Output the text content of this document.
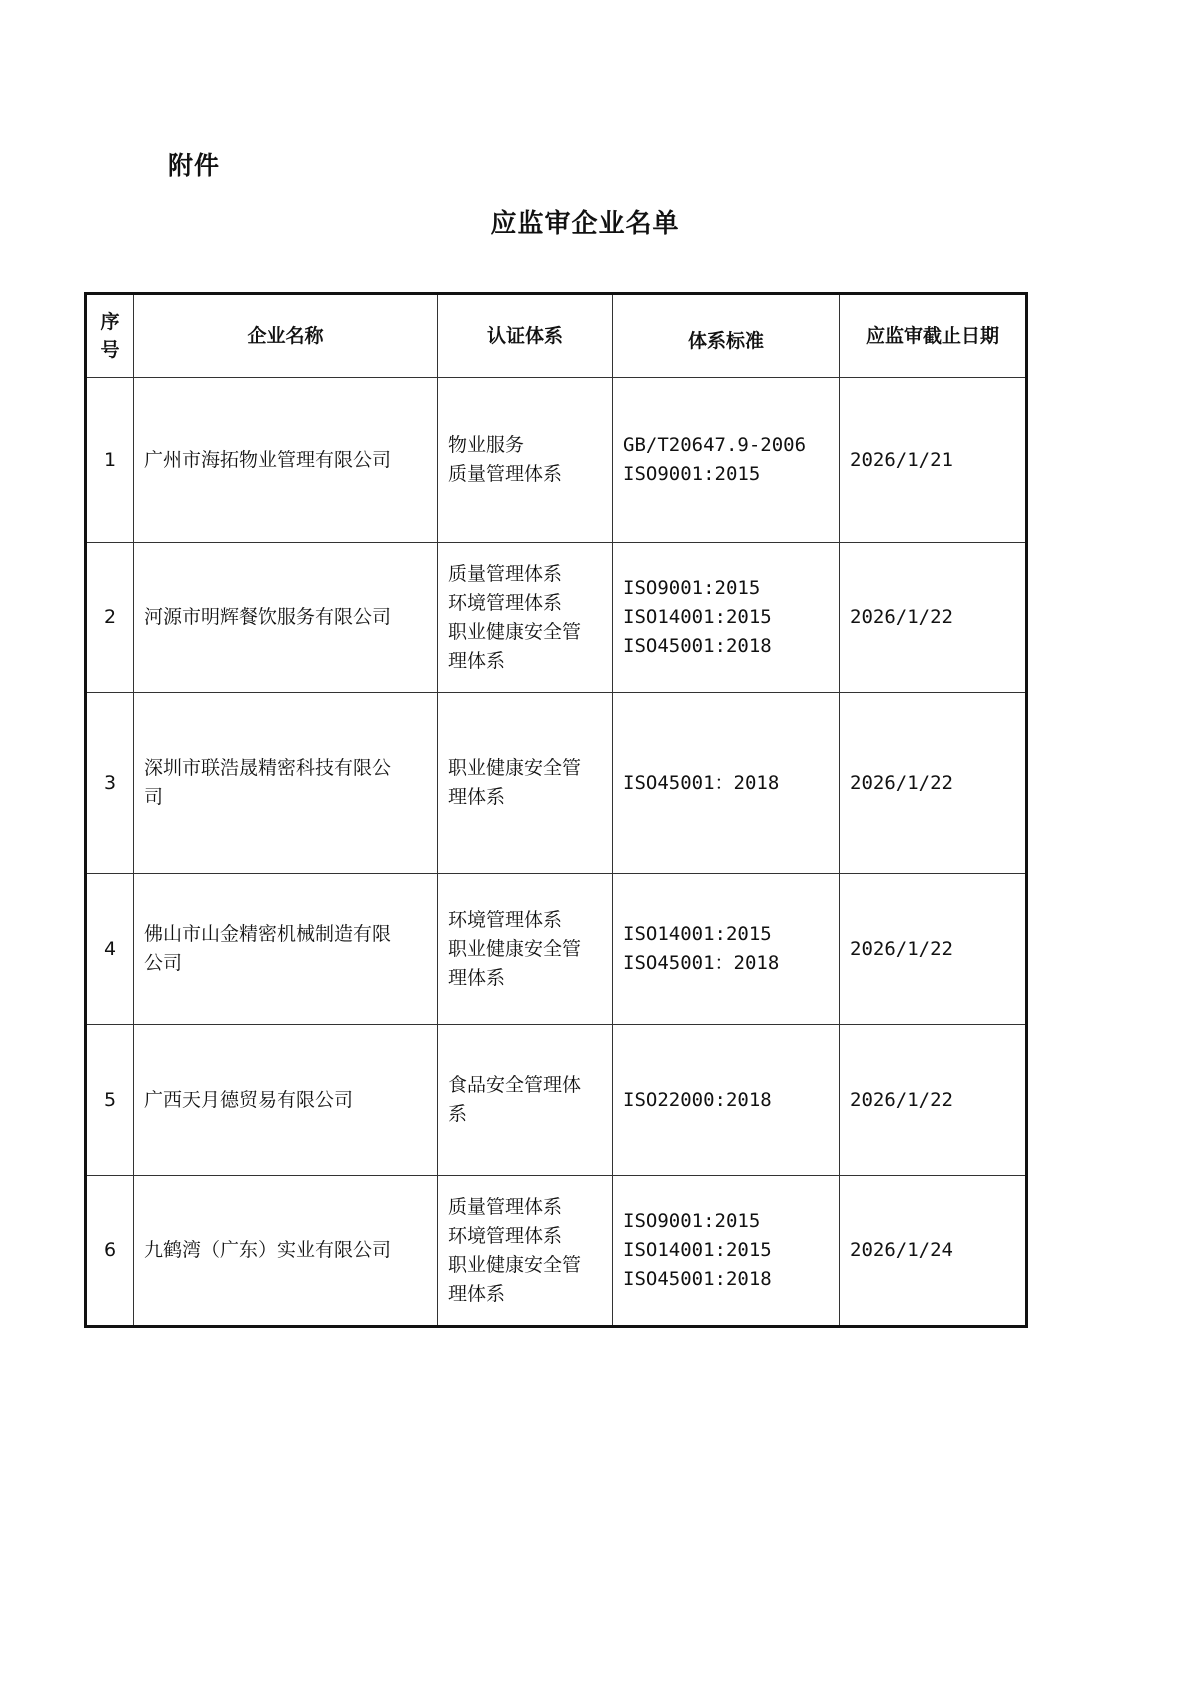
附件
应监审企业名单
序
号	企业名称	认证体系	体系标准	应监审截止日期
1	广州市海拓物业管理有限公司	物业服务
质量管理体系	GB/T20647.9-2006
ISO9001:2015	2026/1/21
2	河源市明辉餐饮服务有限公司	质量管理体系
环境管理体系
职业健康安全管
理体系	ISO9001:2015
ISO14001:2015
ISO45001:2018	2026/1/22
3	深圳市联浩晟精密科技有限公
司	职业健康安全管
理体系	ISO45001：2018	2026/1/22
4	佛山市山金精密机械制造有限
公司	环境管理体系
职业健康安全管
理体系	ISO14001:2015
ISO45001：2018	2026/1/22
5	广西天月德贸易有限公司	食品安全管理体
系	ISO22000:2018	2026/1/22
6	九鹤湾（广东）实业有限公司	质量管理体系
环境管理体系
职业健康安全管
理体系	ISO9001:2015
ISO14001:2015
ISO45001:2018	2026/1/24
